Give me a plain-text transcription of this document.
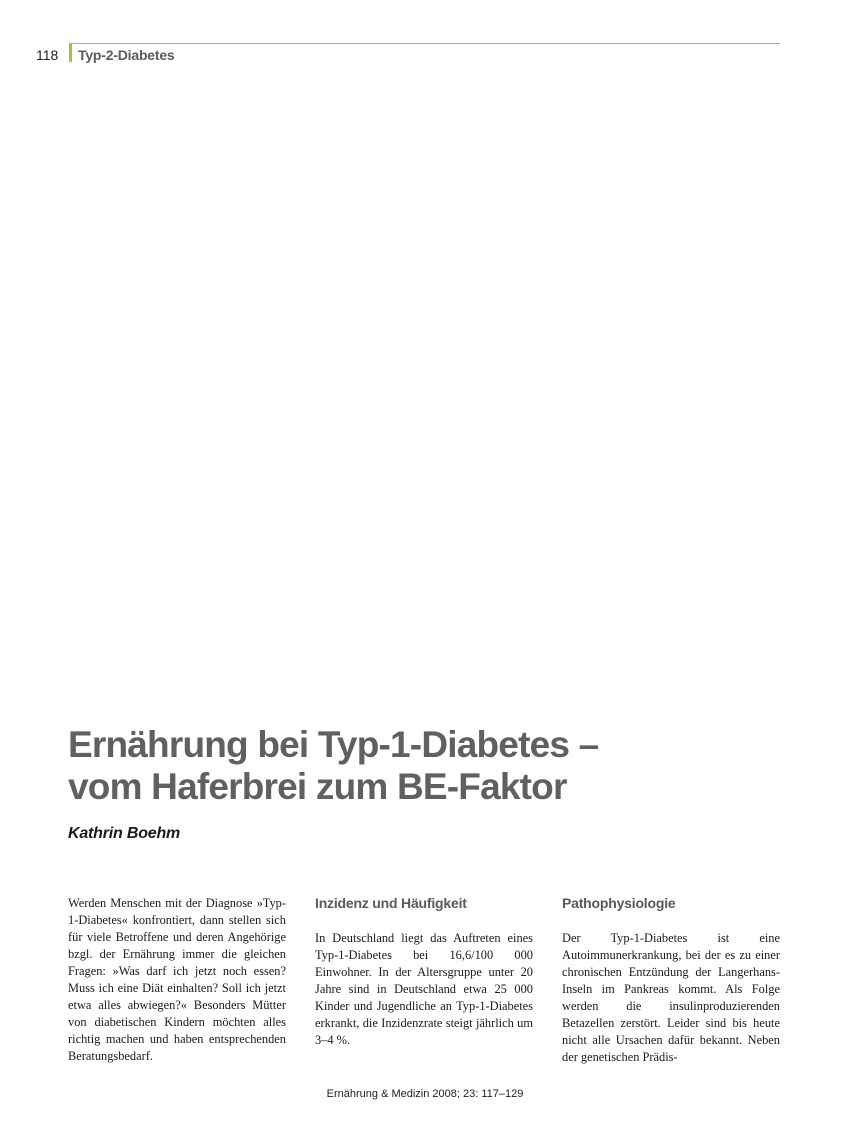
118 Typ-2-Diabetes
Ernährung bei Typ-1-Diabetes –
vom Haferbrei zum BE-Faktor
Kathrin Boehm

Werden Menschen mit der Diagnose »Typ-1-Diabetes« konfrontiert, dann stellen sich für viele Betroffene und deren Angehörige bzgl. der Ernährung immer die gleichen Fragen: »Was darf ich jetzt noch essen? Muss ich eine Diät einhalten? Soll ich jetzt etwa alles abwiegen?« Besonders Mütter von diabetischen Kindern möchten alles richtig machen und haben entsprechenden Beratungsbedarf.

Inzidenz und Häufigkeit

In Deutschland liegt das Auftreten eines Typ-1-Diabetes bei 16,6/100 000 Einwohner. In der Altersgruppe unter 20 Jahre sind in Deutschland etwa 25 000 Kinder und Jugendliche an Typ-1-Diabetes erkrankt, die Inzidenzrate steigt jährlich um 3–4 %.

Pathophysiologie

Der Typ-1-Diabetes ist eine Autoimmunerkrankung, bei der es zu einer chronischen Entzündung der Langerhans-Inseln im Pankreas kommt. Als Folge werden die insulinproduzierenden Betazellen zerstört. Leider sind bis heute nicht alle Ursachen dafür bekannt. Neben der genetischen Prädis-

Ernährung & Medizin 2008; 23: 117–129
